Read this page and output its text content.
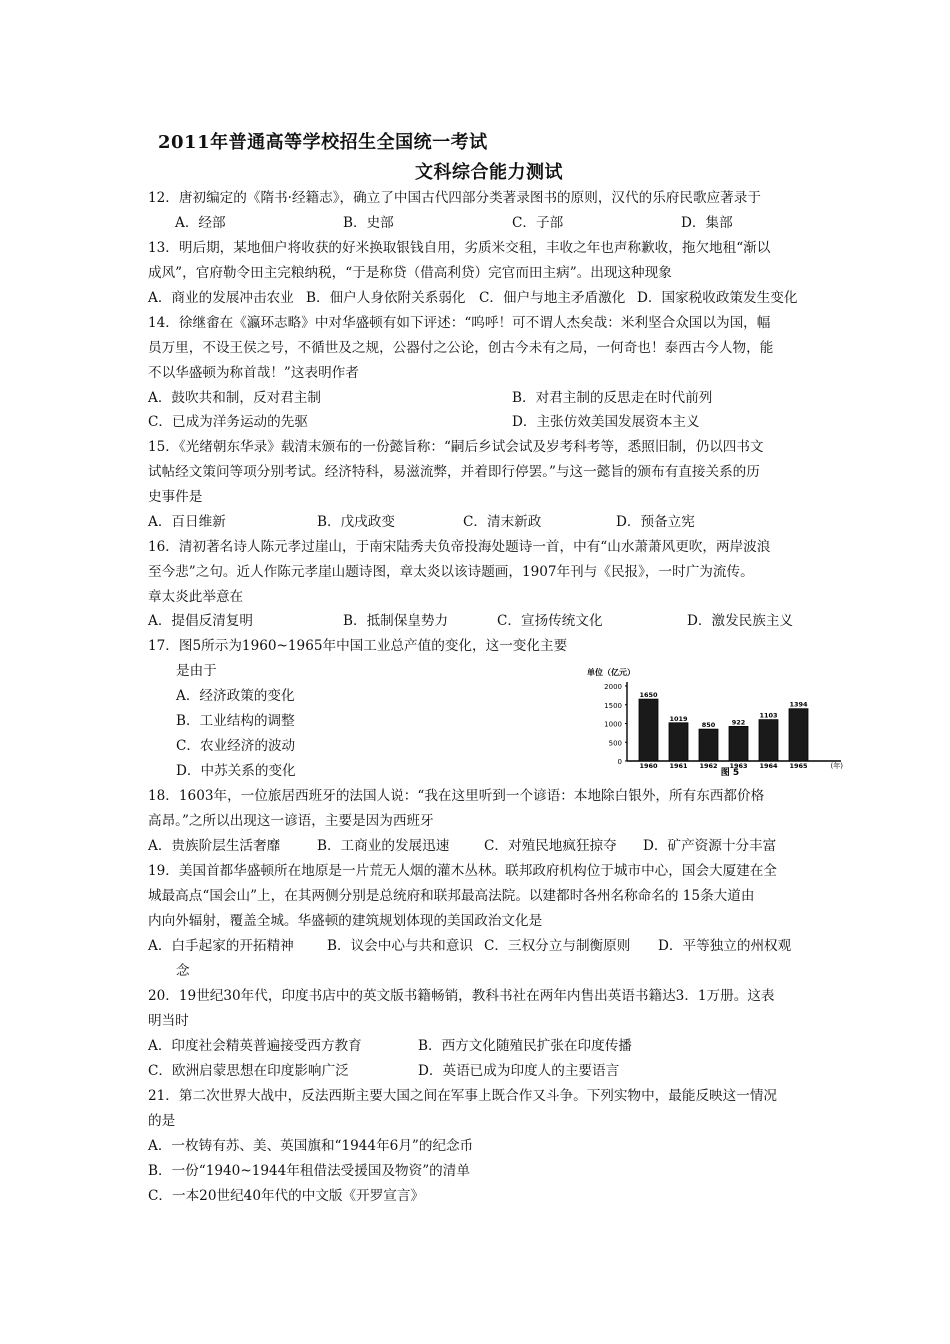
2011年普通高等学校招生全国统一考试
文科综合能力测试
12．唐初编定的《隋书·经籍志》，确立了中国古代四部分类著录图书的原则，汉代的乐府民歌应著录于
A．经部	B．史部	C．子部	D．集部
13．明后期，某地佃户将收获的好米换取银钱自用，劣质米交租，丰收之年也声称歉收，拖欠地租“渐以
成风”，官府勒令田主完粮纳税，“于是称贷（借高利贷）完官而田主病”。出现这种现象
A．商业的发展冲击农业 B．佃户人身依附关系弱化 C．佃户与地主矛盾激化 D．国家税收政策发生变化
14．徐继畬在《瀛环志略》中对华盛顿有如下评述：“呜呼！可不谓人杰矣哉：米利坚合众国以为国，幅
员万里，不设王侯之号，不循世及之规，公器付之公论，创古今未有之局，一何奇也！泰西古今人物，能
不以华盛顿为称首哉！”这表明作者
A．鼓吹共和制，反对君主制	B．对君主制的反思走在时代前列
C．已成为洋务运动的先驱	D．主张仿效美国发展资本主义
15．《光绪朝东华录》载清末颁布的一份懿旨称：“嗣后乡试会试及岁考科考等，悉照旧制，仍以四书文
试帖经文策问等项分别考试。经济特科，易滋流弊，并着即行停罢。”与这一懿旨的颁布有直接关系的历
史事件是
A．百日维新	B．戊戌政变	C．清末新政	D．预备立宪
16．清初著名诗人陈元孝过崖山，于南宋陆秀夫负帝投海处题诗一首，中有“山水萧萧风更吹，两岸波浪
至今悲”之句。近人作陈元孝崖山题诗图，章太炎以该诗题画，1907年刊与《民报》，一时广为流传。
章太炎此举意在
A．提倡反清复明	B．抵制保皇势力	C．宣扬传统文化	D．激发民族主义
17．图5所示为1960~1965年中国工业总产值的变化，这一变化主要
是由于
A．经济政策的变化
B．工业结构的调整
C．农业经济的波动
D．中苏关系的变化
单位（亿元）
0
500
1000
1500
2000
1650
1960
1019
1961
850
1962
922
1963
1103
1964
1394
1965	(年)
图 5
18．1603年，一位旅居西班牙的法国人说：“我在这里听到一个谚语：本地除白银外，所有东西都价格
高昂。”之所以出现这一谚语，主要是因为西班牙
A．贵族阶层生活奢靡	B．工商业的发展迅速	C．对殖民地疯狂掠夺 D．矿产资源十分丰富
19．美国首都华盛顿所在地原是一片荒无人烟的灌木丛林。联邦政府机构位于城市中心，国会大厦建在全
城最高点“国会山”上，在其两侧分别是总统府和联邦最高法院。以建都时各州名称命名的 15条大道由
内向外辐射，覆盖全城。华盛顿的建筑规划体现的美国政治文化是
A．白手起家的开拓精神 B．议会中心与共和意识 C．三权分立与制衡原则 D．平等独立的州权观
念
20．19世纪30年代，印度书店中的英文版书籍畅销，教科书社在两年内售出英语书籍达3．1万册。这表
明当时
A．印度社会精英普遍接受西方教育	B．西方文化随殖民扩张在印度传播
C．欧洲启蒙思想在印度影响广泛	D．英语已成为印度人的主要语言
21．第二次世界大战中，反法西斯主要大国之间在军事上既合作又斗争。下列实物中，最能反映这一情况
的是
A．一枚铸有苏、美、英国旗和“1944年6月”的纪念币
B．一份“1940~1944年租借法受援国及物资”的清单
C．一本20世纪40年代的中文版《开罗宣言》
